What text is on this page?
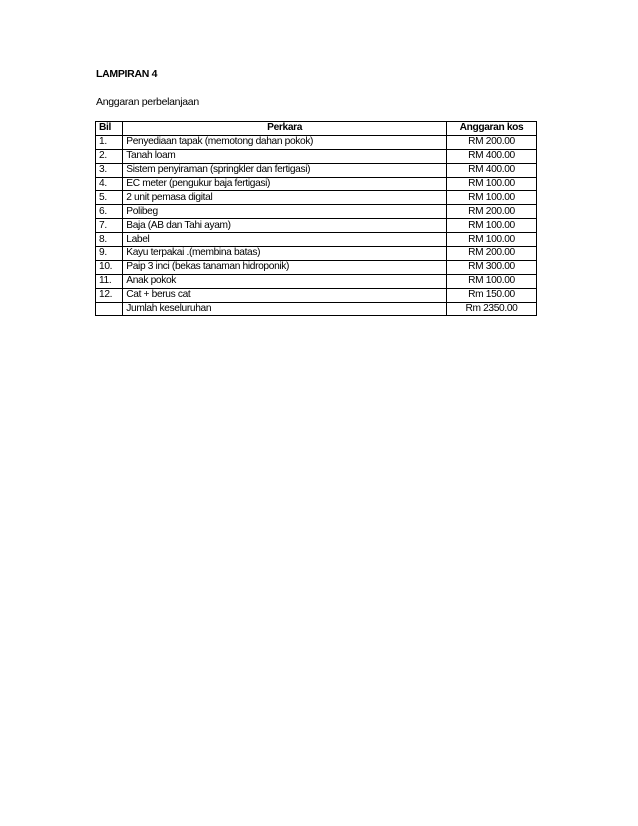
LAMPIRAN 4
Anggaran perbelanjaan
Bil	Perkara	Anggaran kos
1.	Penyediaan tapak (memotong dahan pokok)	RM 200.00
2.	Tanah loam	RM 400.00
3.	Sistem penyiraman (springkler dan fertigasi)	RM 400.00
4.	EC meter (pengukur baja fertigasi)	RM 100.00
5.	2 unit pemasa digital	RM 100.00
6.	Polibeg	RM 200.00
7.	Baja (AB dan Tahi ayam)	RM 100.00
8.	Label	RM 100.00
9.	Kayu terpakai .(membina batas)	RM 200.00
10.	Paip 3 inci (bekas tanaman hidroponik)	RM 300.00
11.	Anak pokok	RM 100.00
12.	Cat + berus cat	Rm 150.00
	Jumlah keseluruhan	Rm 2350.00
